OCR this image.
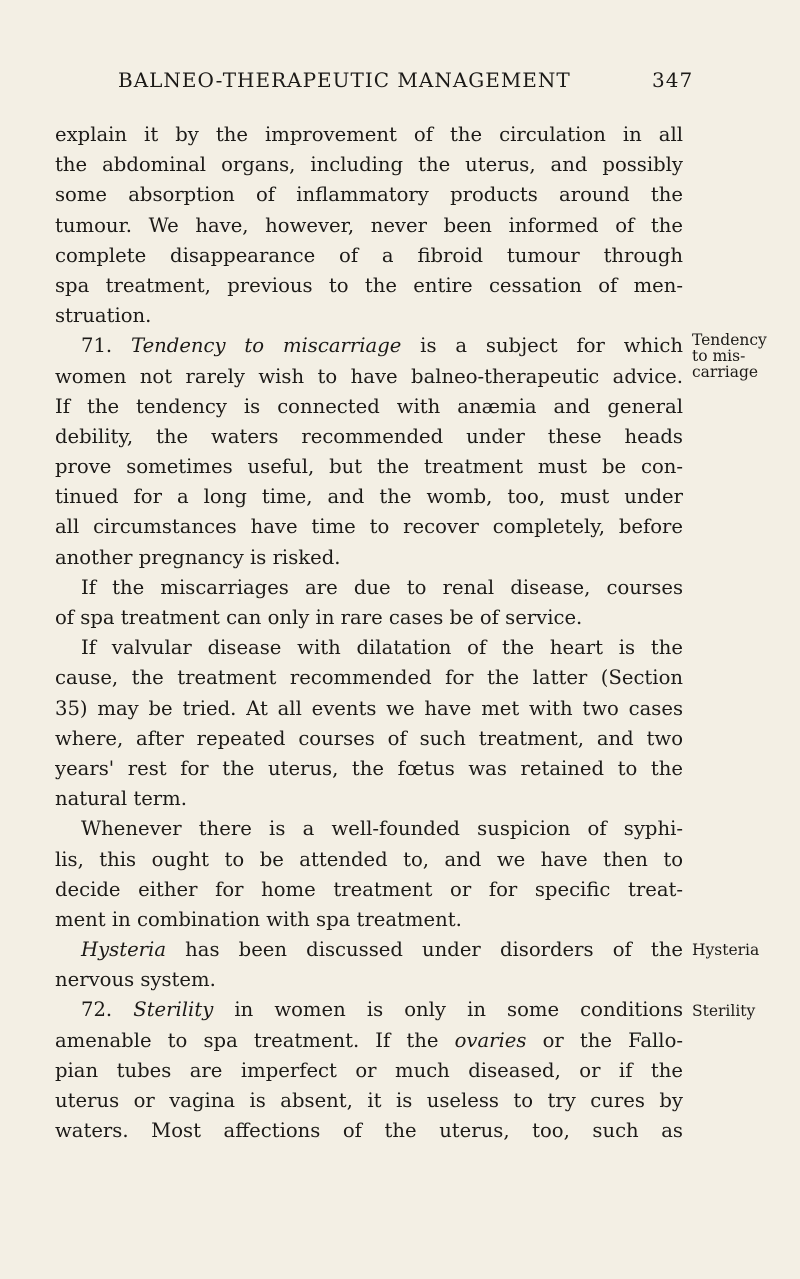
BALNEO-THERAPEUTIC MANAGEMENT	347
explain it by the improvement of the circulation in all
the abdominal organs, including the uterus, and possibly
some absorption of inflammatory products around the
tumour. We have, however, never been informed of the
complete disappearance of a fibroid tumour through
spa treatment, previous to the entire cessation of men-
struation.
71. Tendency to miscarriage is a subject for which
women not rarely wish to have balneo-therapeutic advice.
If the tendency is connected with anæmia and general
debility, the waters recommended under these heads
prove sometimes useful, but the treatment must be con-
tinued for a long time, and the womb, too, must under
all circumstances have time to recover completely, before
another pregnancy is risked.
If the miscarriages are due to renal disease, courses
of spa treatment can only in rare cases be of service.
If valvular disease with dilatation of the heart is the
cause, the treatment recommended for the latter (Section
35) may be tried. At all events we have met with two cases
where, after repeated courses of such treatment, and two
years' rest for the uterus, the fœtus was retained to the
natural term.
Whenever there is a well-founded suspicion of syphi-
lis, this ought to be attended to, and we have then to
decide either for home treatment or for specific treat-
ment in combination with spa treatment.
Hysteria has been discussed under disorders of the
nervous system.
72. Sterility in women is only in some conditions
amenable to spa treatment. If the ovaries or the Fallo-
pian tubes are imperfect or much diseased, or if the
uterus or vagina is absent, it is useless to try cures by
waters. Most affections of the uterus, too, such as
Tendency
to mis-
carriage
Hysteria
Sterility
